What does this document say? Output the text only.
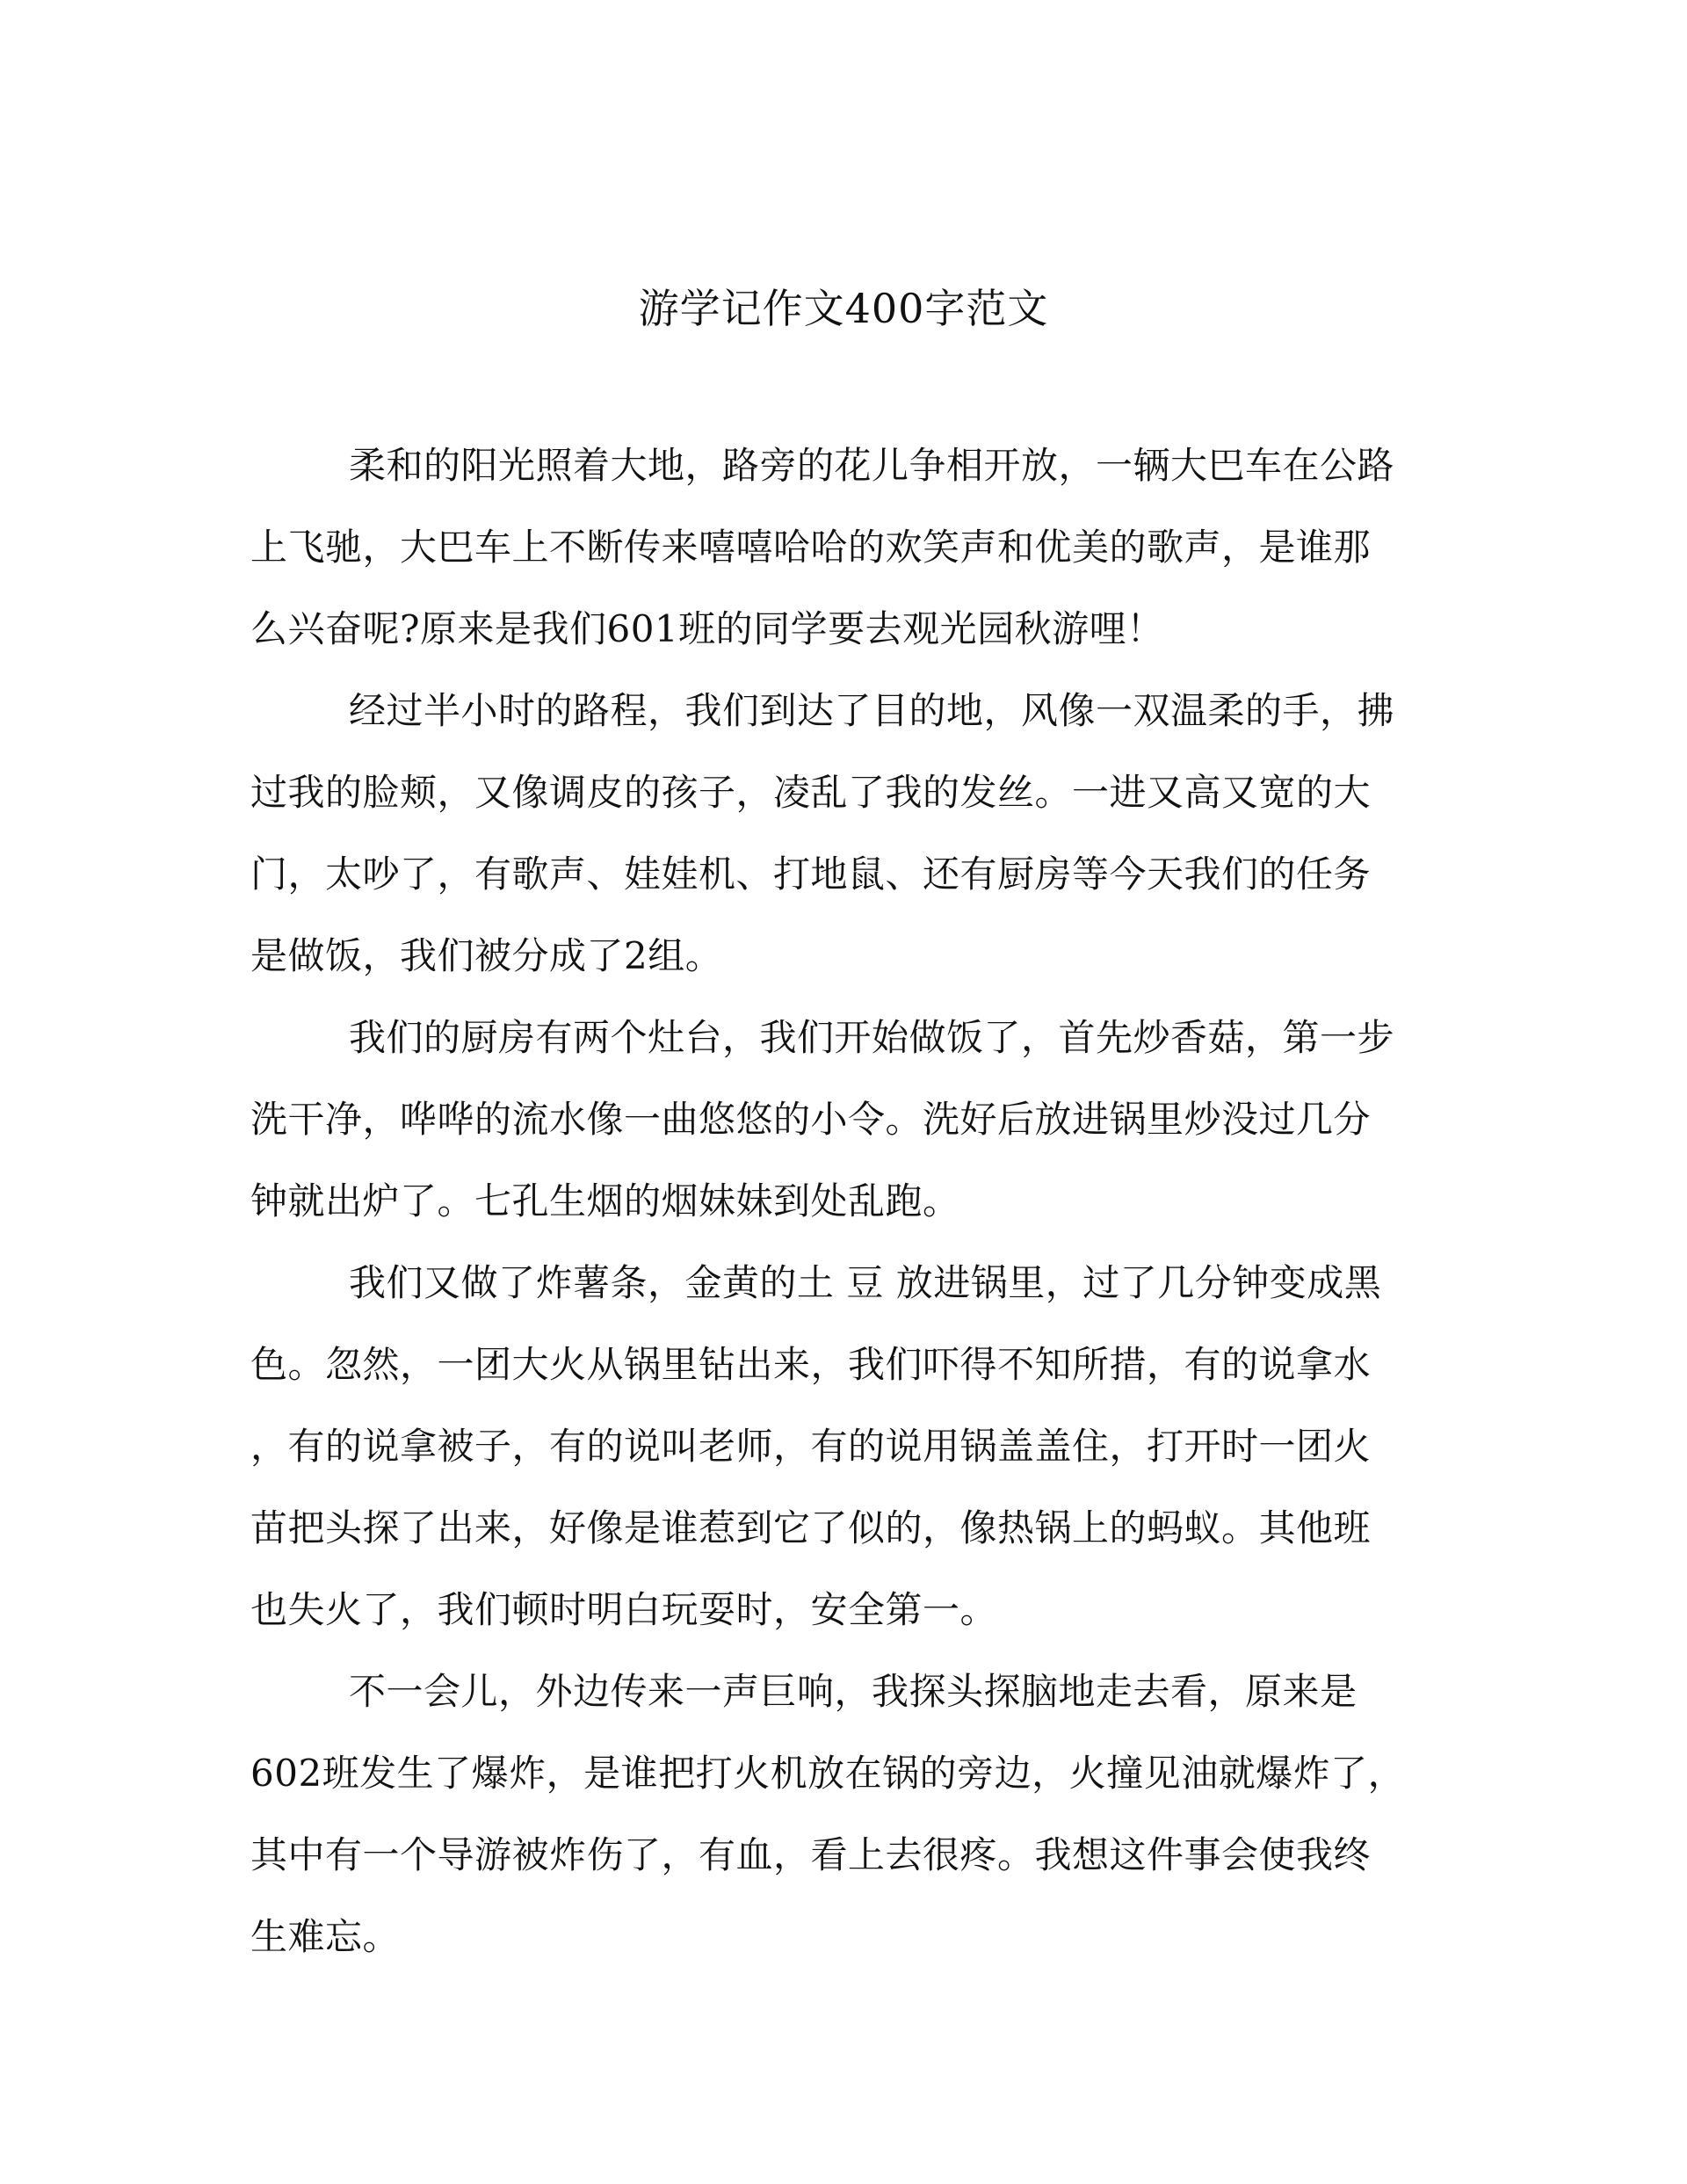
游学记作文400字范文
柔和的阳光照着大地，路旁的花儿争相开放，一辆大巴车在公路
上飞驰，大巴车上不断传来嘻嘻哈哈的欢笑声和优美的歌声，是谁那
么兴奋呢?原来是我们601班的同学要去观光园秋游哩！
经过半小时的路程，我们到达了目的地，风像一双温柔的手，拂
过我的脸颊，又像调皮的孩子，凌乱了我的发丝。一进又高又宽的大
门，太吵了，有歌声、娃娃机、打地鼠、还有厨房等今天我们的任务
是做饭，我们被分成了2组。
我们的厨房有两个灶台，我们开始做饭了，首先炒香菇，第一步
洗干净，哗哗的流水像一曲悠悠的小令。洗好后放进锅里炒没过几分
钟就出炉了。七孔生烟的烟妹妹到处乱跑。
我们又做了炸薯条，金黄的土 豆 放进锅里，过了几分钟变成黑
色。忽然，一团大火从锅里钻出来，我们吓得不知所措，有的说拿水
，有的说拿被子，有的说叫老师，有的说用锅盖盖住，打开时一团火
苗把头探了出来，好像是谁惹到它了似的，像热锅上的蚂蚁。其他班
也失火了，我们顿时明白玩耍时，安全第一。
不一会儿，外边传来一声巨响，我探头探脑地走去看，原来是
602班发生了爆炸，是谁把打火机放在锅的旁边，火撞见油就爆炸了，
其中有一个导游被炸伤了，有血，看上去很疼。我想这件事会使我终
生难忘。
